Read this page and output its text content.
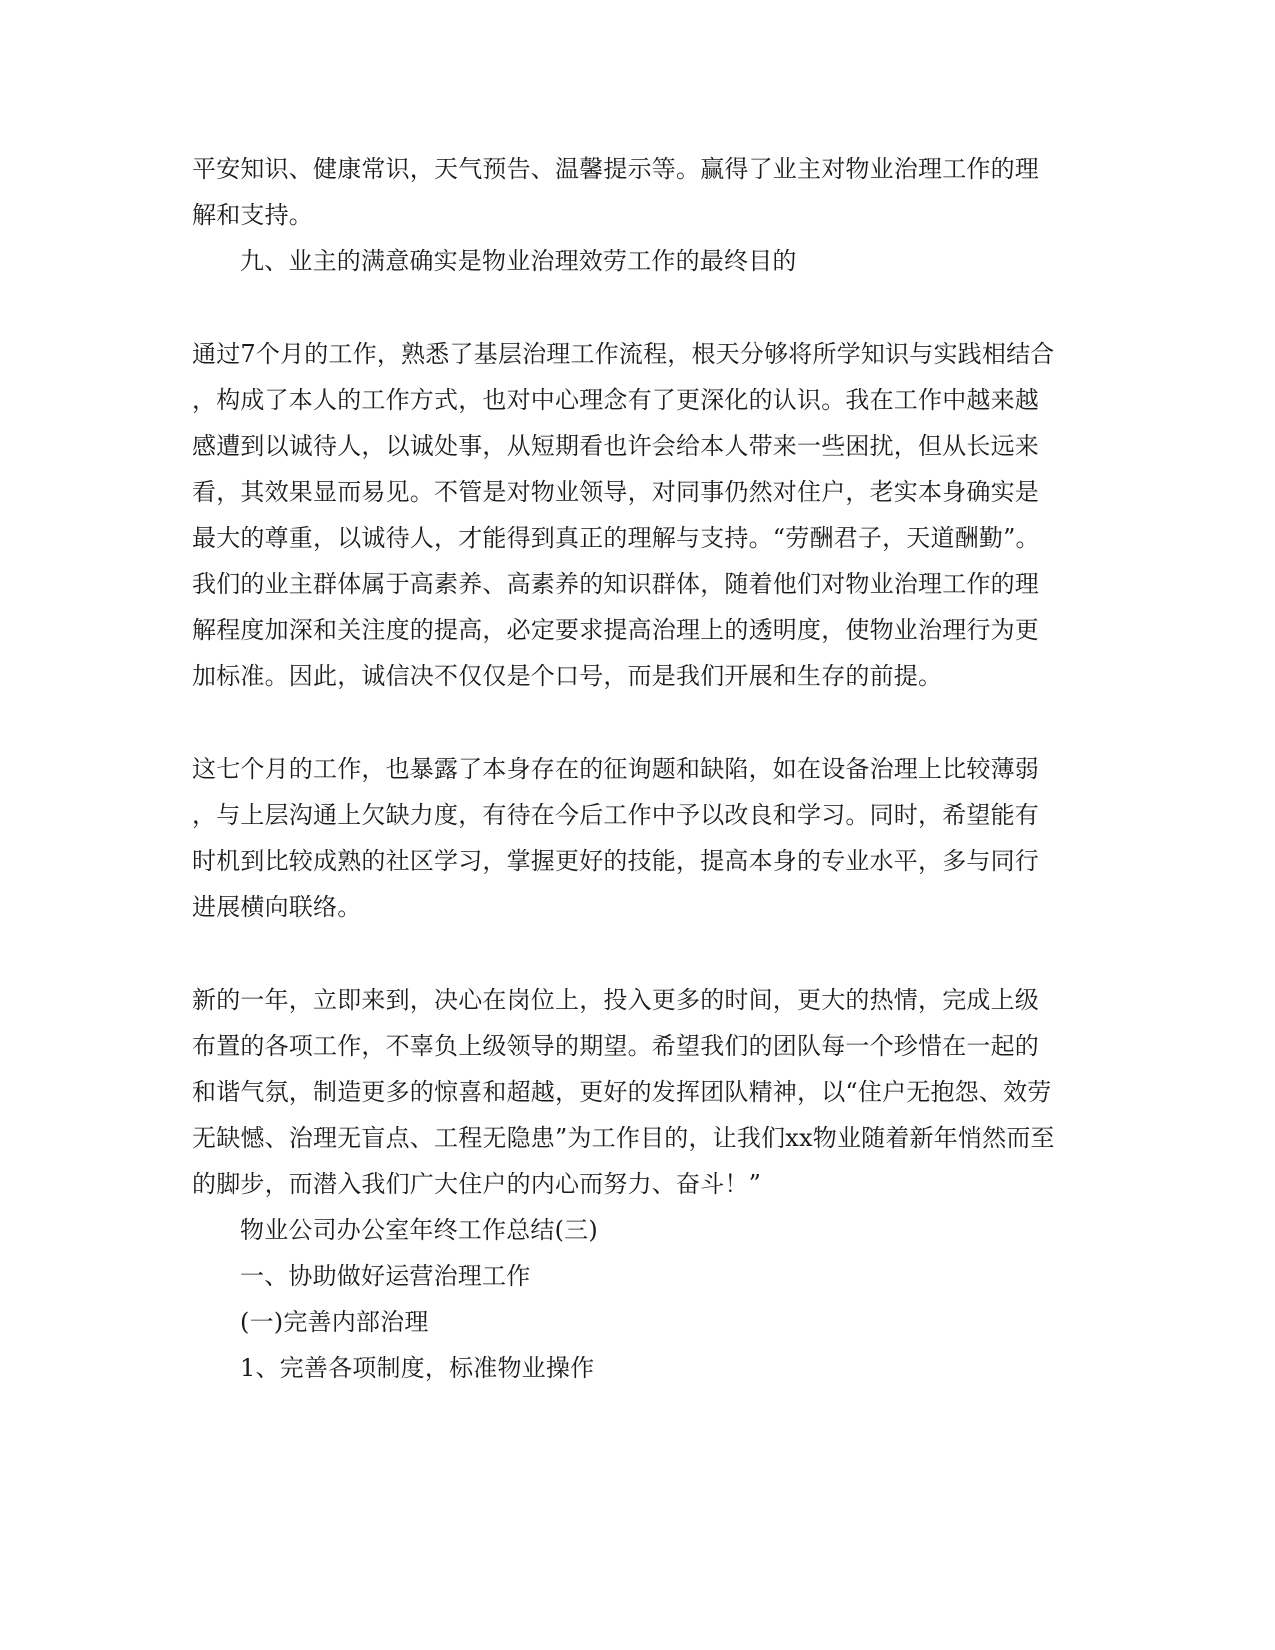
平安知识、健康常识，天气预告、温馨提示等。赢得了业主对物业治理工作的理
解和支持。
九、业主的满意确实是物业治理效劳工作的最终目的
通过7个月的工作，熟悉了基层治理工作流程，根天分够将所学知识与实践相结合
，构成了本人的工作方式，也对中心理念有了更深化的认识。我在工作中越来越
感遭到以诚待人，以诚处事，从短期看也许会给本人带来一些困扰，但从长远来
看，其效果显而易见。不管是对物业领导，对同事仍然对住户，老实本身确实是
最大的尊重，以诚待人，才能得到真正的理解与支持。“劳酬君子，天道酬勤”。
我们的业主群体属于高素养、高素养的知识群体，随着他们对物业治理工作的理
解程度加深和关注度的提高，必定要求提高治理上的透明度，使物业治理行为更
加标准。因此，诚信决不仅仅是个口号，而是我们开展和生存的前提。
这七个月的工作，也暴露了本身存在的征询题和缺陷，如在设备治理上比较薄弱
，与上层沟通上欠缺力度，有待在今后工作中予以改良和学习。同时，希望能有
时机到比较成熟的社区学习，掌握更好的技能，提高本身的专业水平，多与同行
进展横向联络。
新的一年，立即来到，决心在岗位上，投入更多的时间，更大的热情，完成上级
布置的各项工作，不辜负上级领导的期望。希望我们的团队每一个珍惜在一起的
和谐气氛，制造更多的惊喜和超越，更好的发挥团队精神，以“住户无抱怨、效劳
无缺憾、治理无盲点、工程无隐患”为工作目的，让我们xx物业随着新年悄然而至
的脚步，而潜入我们广大住户的内心而努力、奋斗！”
物业公司办公室年终工作总结(三)
一、协助做好运营治理工作
(一)完善内部治理
1、完善各项制度，标准物业操作
